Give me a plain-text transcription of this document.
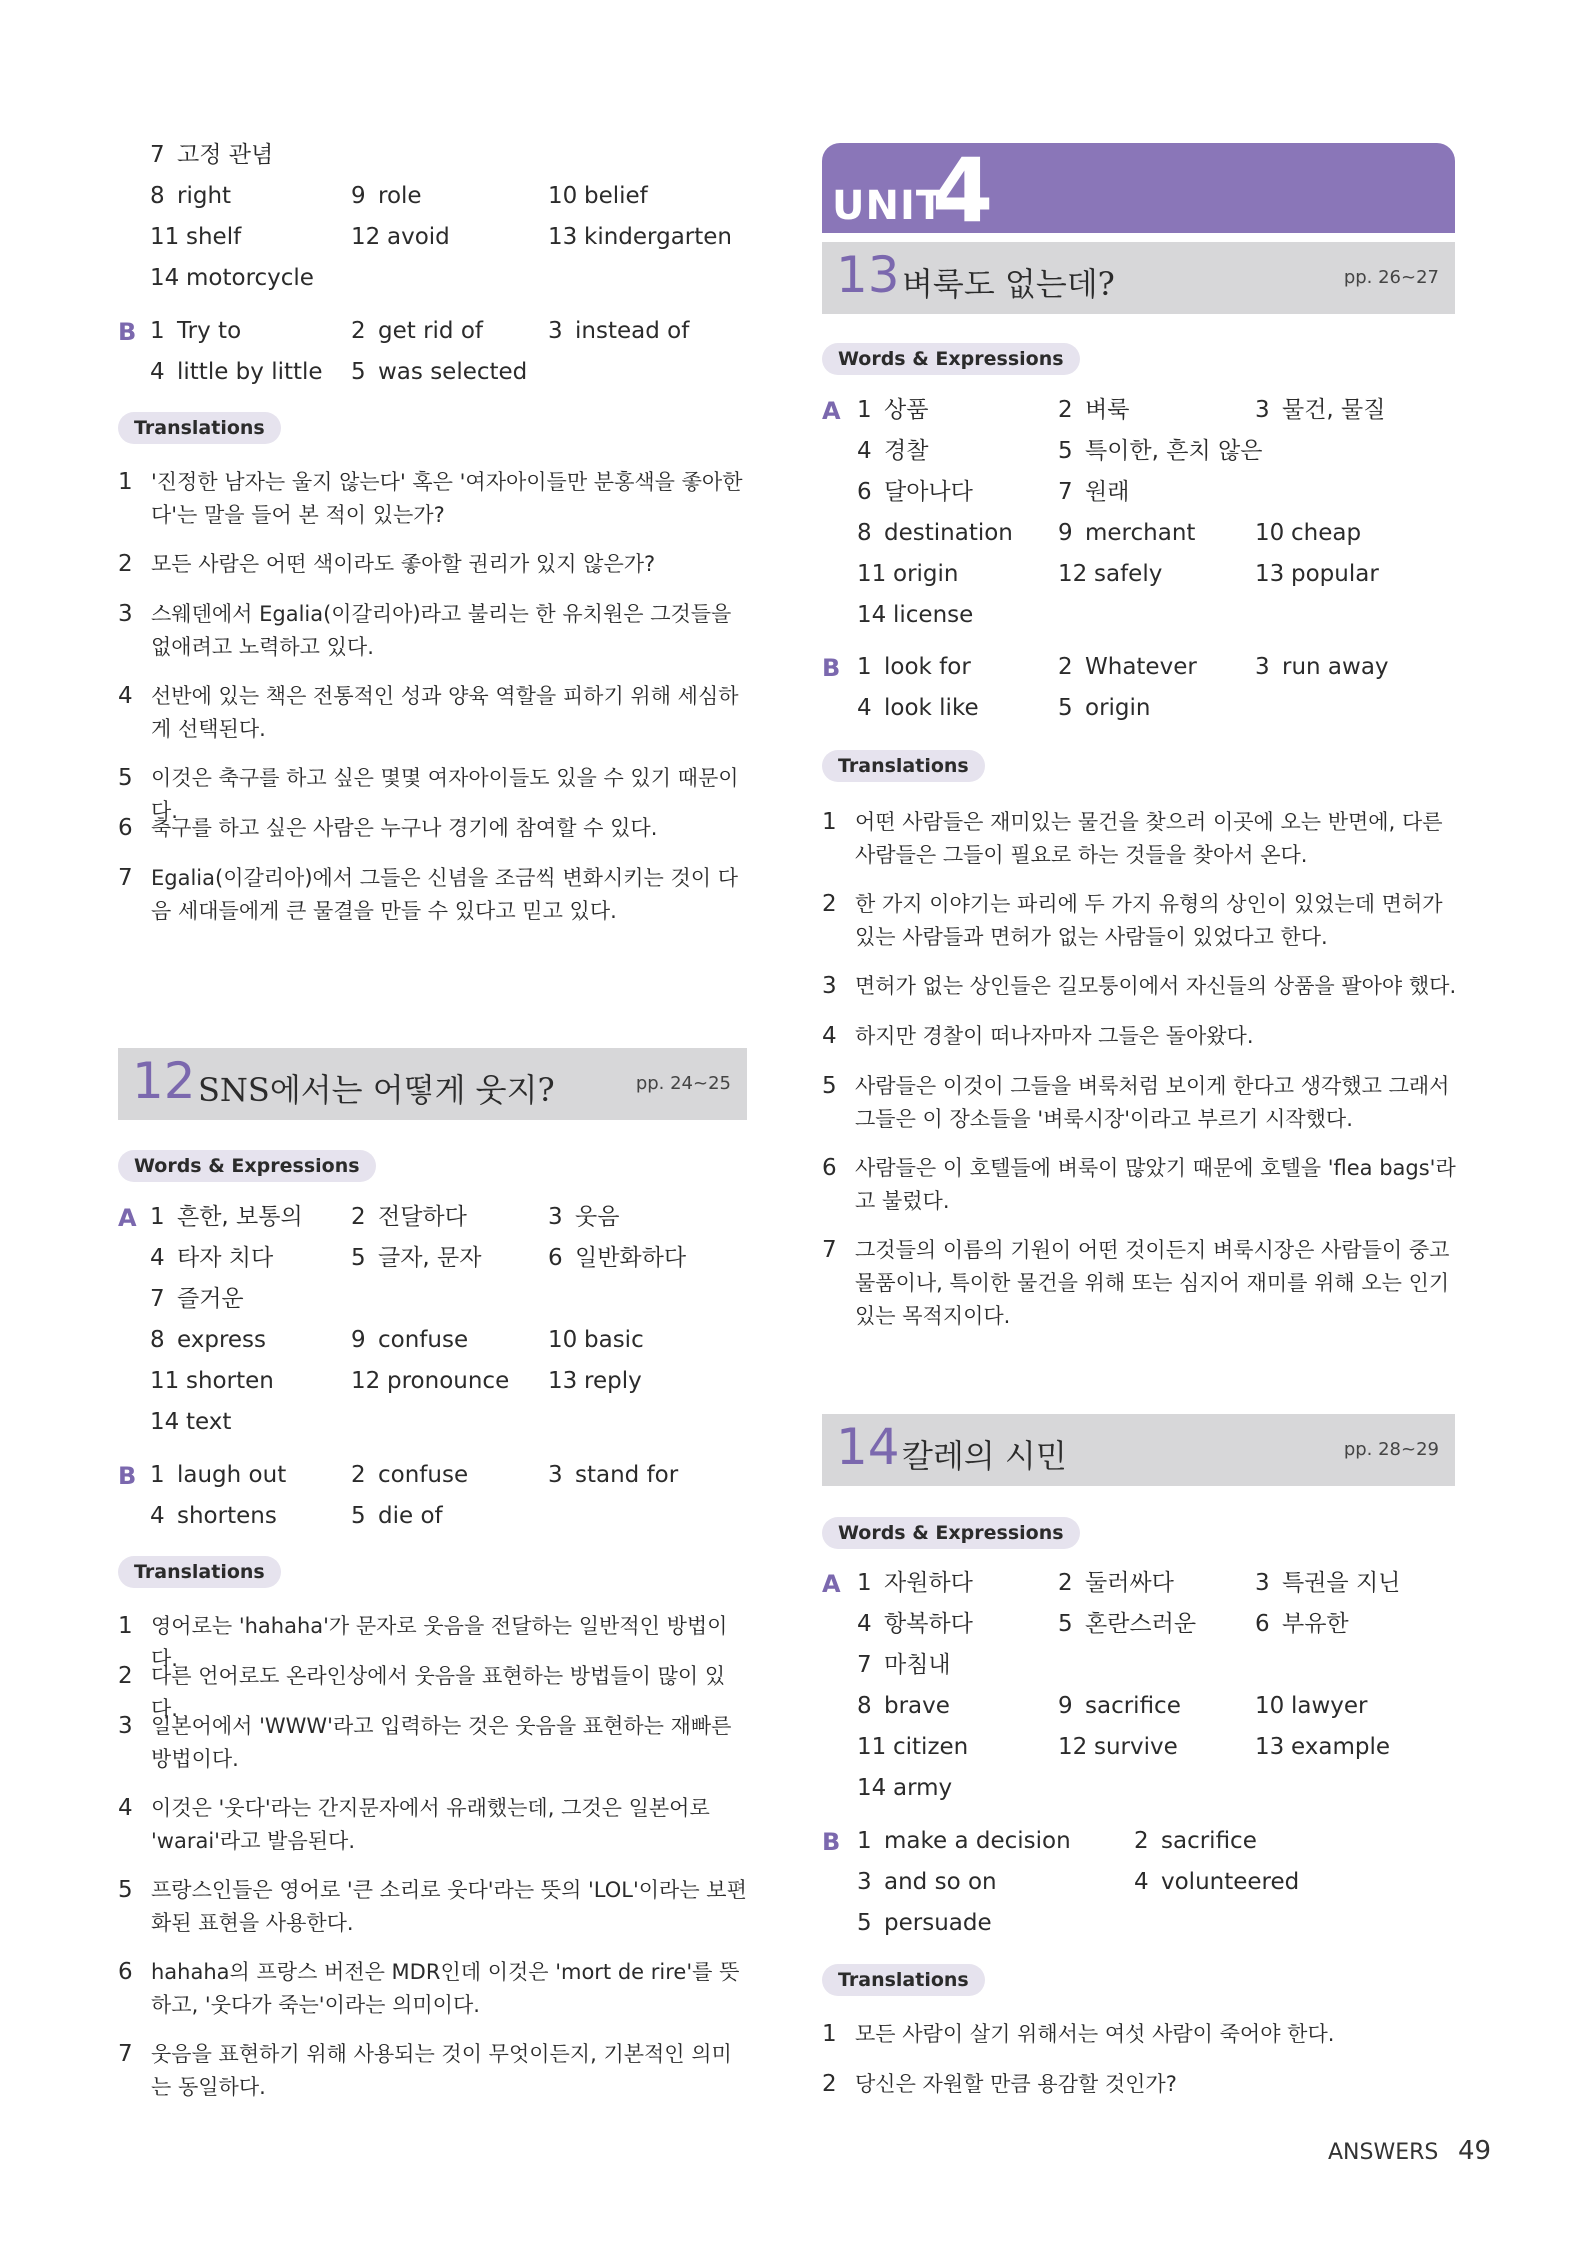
7 고정 관념
8 right	9 role	10 belief
11 shelf	12 avoid	13 kindergarten
14 motorcycle
B 1 Try to	2 get rid of	3 instead of
4 little by little 5 was selected
Translations
1 '진정한 남자는 울지 않는다' 혹은 '여자아이들만 분홍색을 좋아한다'는 말을 들어 본 적이 있는가?
2 모든 사람은 어떤 색이라도 좋아할 권리가 있지 않은가?
3 스웨덴에서 Egalia(이갈리아)라고 불리는 한 유치원은 그것들을 없애려고 노력하고 있다.
4 선반에 있는 책은 전통적인 성과 양육 역할을 피하기 위해 세심하게 선택된다.
5 이것은 축구를 하고 싶은 몇몇 여자아이들도 있을 수 있기 때문이다.
6 축구를 하고 싶은 사람은 누구나 경기에 참여할 수 있다.
7 Egalia(이갈리아)에서 그들은 신념을 조금씩 변화시키는 것이 다음 세대들에게 큰 물결을 만들 수 있다고 믿고 있다.
12 SNS에서는 어떻게 웃지?	pp. 24~25
Words & Expressions
A 1 흔한, 보통의 2 전달하다	3 웃음
4 타자 치다	5 글자, 문자	6 일반화하다
7 즐거운
8 express	9 confuse	10 basic
11 shorten	12 pronounce 13 reply
14 text
B 1 laugh out	2 confuse	3 stand for
4 shortens	5 die of
Translations
1 영어로는 'hahaha'가 문자로 웃음을 전달하는 일반적인 방법이다.
2 다른 언어로도 온라인상에서 웃음을 표현하는 방법들이 많이 있다.
3 일본어에서 'WWW'라고 입력하는 것은 웃음을 표현하는 재빠른 방법이다.
4 이것은 '웃다'라는 간지문자에서 유래했는데, 그것은 일본어로 'warai'라고 발음된다.
5 프랑스인들은 영어로 '큰 소리로 웃다'라는 뜻의 'LOL'이라는 보편화된 표현을 사용한다.
6 hahaha의 프랑스 버전은 MDR인데 이것은 'mort de rire'를 뜻하고, '웃다가 죽는'이라는 의미이다.
7 웃음을 표현하기 위해 사용되는 것이 무엇이든지, 기본적인 의미는 동일하다.
UNIT
4
13 벼룩도 없는데?	pp. 26~27
Words & Expressions
A 1 상품	2 벼룩	3 물건, 물질
4 경찰	5 특이한, 흔치 않은
6 달아나다	7 원래
8 destination 9 merchant	10 cheap
11 origin	12 safely	13 popular
14 license
B 1 look for	2 Whatever	3 run away
4 look like	5 origin
Translations
1 어떤 사람들은 재미있는 물건을 찾으러 이곳에 오는 반면에, 다른 사람들은 그들이 필요로 하는 것들을 찾아서 온다.
2 한 가지 이야기는 파리에 두 가지 유형의 상인이 있었는데 면허가 있는 사람들과 면허가 없는 사람들이 있었다고 한다.
3 면허가 없는 상인들은 길모퉁이에서 자신들의 상품을 팔아야 했다.
4 하지만 경찰이 떠나자마자 그들은 돌아왔다.
5 사람들은 이것이 그들을 벼룩처럼 보이게 한다고 생각했고 그래서 그들은 이 장소들을 '벼룩시장'이라고 부르기 시작했다.
6 사람들은 이 호텔들에 벼룩이 많았기 때문에 호텔을 'flea bags'라고 불렀다.
7 그것들의 이름의 기원이 어떤 것이든지 벼룩시장은 사람들이 중고 물품이나, 특이한 물건을 위해 또는 심지어 재미를 위해 오는 인기 있는 목적지이다.
14 칼레의 시민	pp. 28~29
Words & Expressions
A 1 자원하다	2 둘러싸다	3 특권을 지닌
4 항복하다	5 혼란스러운	6 부유한
7 마침내
8 brave	9 sacrifice	10 lawyer
11 citizen	12 survive	13 example
14 army
B 1 make a decision	2 sacrifice
3 and so on	4 volunteered
5 persuade
Translations
1 모든 사람이 살기 위해서는 여섯 사람이 죽어야 한다.
2 당신은 자원할 만큼 용감할 것인가?
ANSWERS 49
